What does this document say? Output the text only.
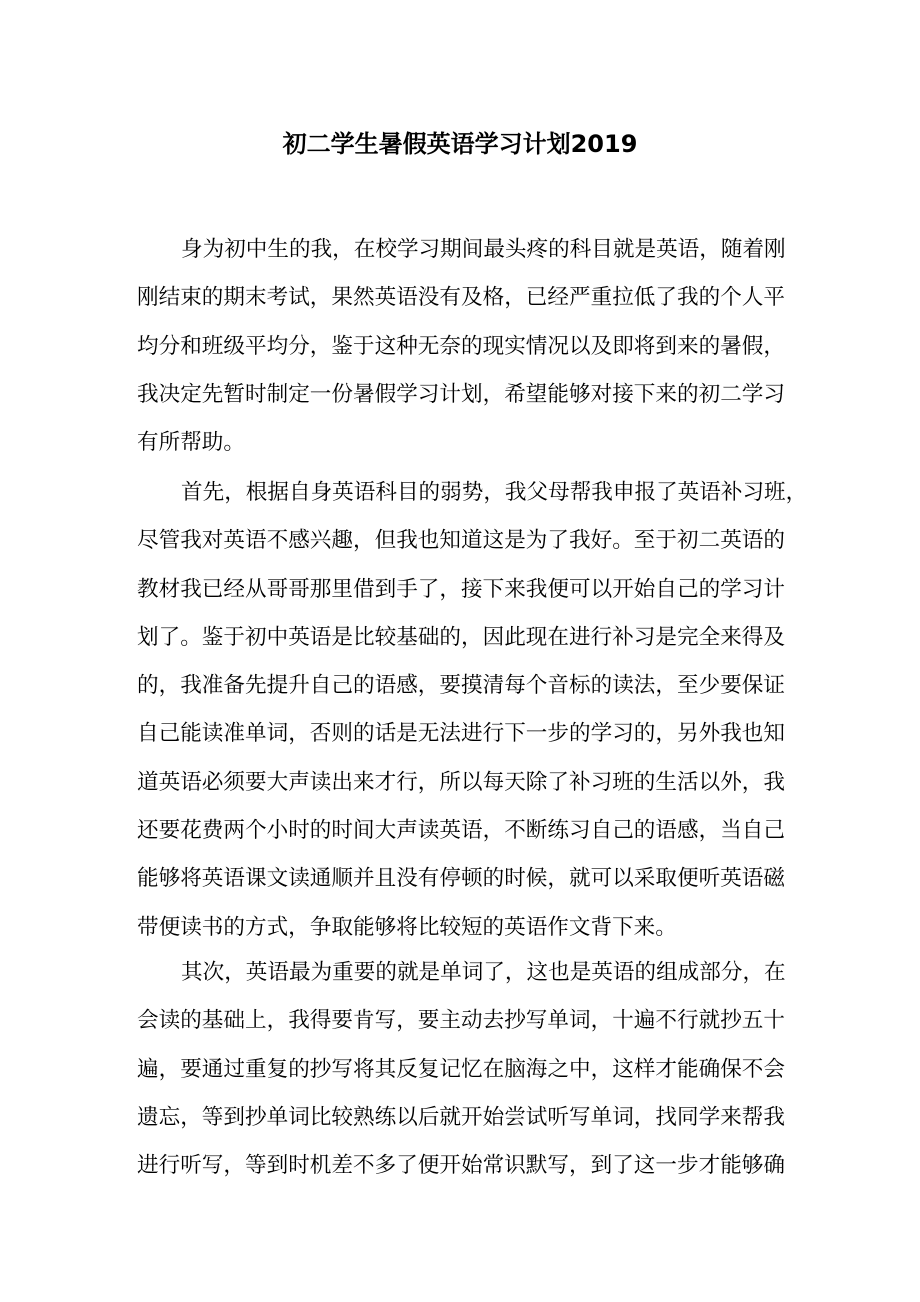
初二学生暑假英语学习计划2019
身为初中生的我，在校学习期间最头疼的科目就是英语，随着刚
刚结束的期末考试，果然英语没有及格，已经严重拉低了我的个人平
均分和班级平均分，鉴于这种无奈的现实情况以及即将到来的暑假，
我决定先暂时制定一份暑假学习计划，希望能够对接下来的初二学习
有所帮助。
首先，根据自身英语科目的弱势，我父母帮我申报了英语补习班，
尽管我对英语不感兴趣，但我也知道这是为了我好。至于初二英语的
教材我已经从哥哥那里借到手了，接下来我便可以开始自己的学习计
划了。鉴于初中英语是比较基础的，因此现在进行补习是完全来得及
的，我准备先提升自己的语感，要摸清每个音标的读法，至少要保证
自己能读准单词，否则的话是无法进行下一步的学习的，另外我也知
道英语必须要大声读出来才行，所以每天除了补习班的生活以外，我
还要花费两个小时的时间大声读英语，不断练习自己的语感，当自己
能够将英语课文读通顺并且没有停顿的时候，就可以采取便听英语磁
带便读书的方式，争取能够将比较短的英语作文背下来。
其次，英语最为重要的就是单词了，这也是英语的组成部分，在
会读的基础上，我得要肯写，要主动去抄写单词，十遍不行就抄五十
遍，要通过重复的抄写将其反复记忆在脑海之中，这样才能确保不会
遗忘，等到抄单词比较熟练以后就开始尝试听写单词，找同学来帮我
进行听写，等到时机差不多了便开始常识默写，到了这一步才能够确
